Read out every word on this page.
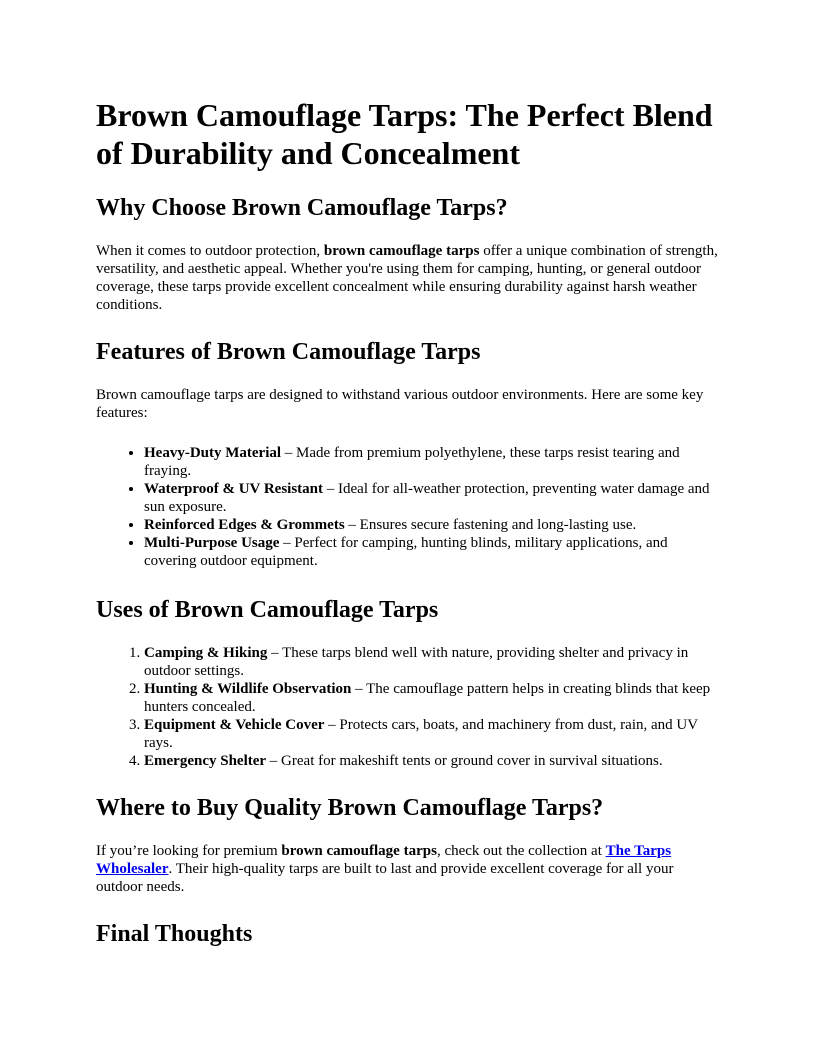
Brown Camouflage Tarps: The Perfect Blend of Durability and Concealment
Why Choose Brown Camouflage Tarps?

When it comes to outdoor protection, brown camouflage tarps offer a unique combination of strength, versatility, and aesthetic appeal. Whether you're using them for camping, hunting, or general outdoor coverage, these tarps provide excellent concealment while ensuring durability against harsh weather conditions.

Features of Brown Camouflage Tarps

Brown camouflage tarps are designed to withstand various outdoor environments. Here are some key features:

• Heavy-Duty Material – Made from premium polyethylene, these tarps resist tearing and fraying.
• Waterproof & UV Resistant – Ideal for all-weather protection, preventing water damage and sun exposure.
• Reinforced Edges & Grommets – Ensures secure fastening and long-lasting use.
• Multi-Purpose Usage – Perfect for camping, hunting blinds, military applications, and covering outdoor equipment.
Uses of Brown Camouflage Tarps
1. Camping & Hiking – These tarps blend well with nature, providing shelter and privacy in outdoor settings.
2. Hunting & Wildlife Observation – The camouflage pattern helps in creating blinds that keep hunters concealed.
3. Equipment & Vehicle Cover – Protects cars, boats, and machinery from dust, rain, and UV rays.
4. Emergency Shelter – Great for makeshift tents or ground cover in survival situations.
Where to Buy Quality Brown Camouflage Tarps?

If you’re looking for premium brown camouflage tarps, check out the collection at The Tarps Wholesaler. Their high-quality tarps are built to last and provide excellent coverage for all your outdoor needs.

Final Thoughts
